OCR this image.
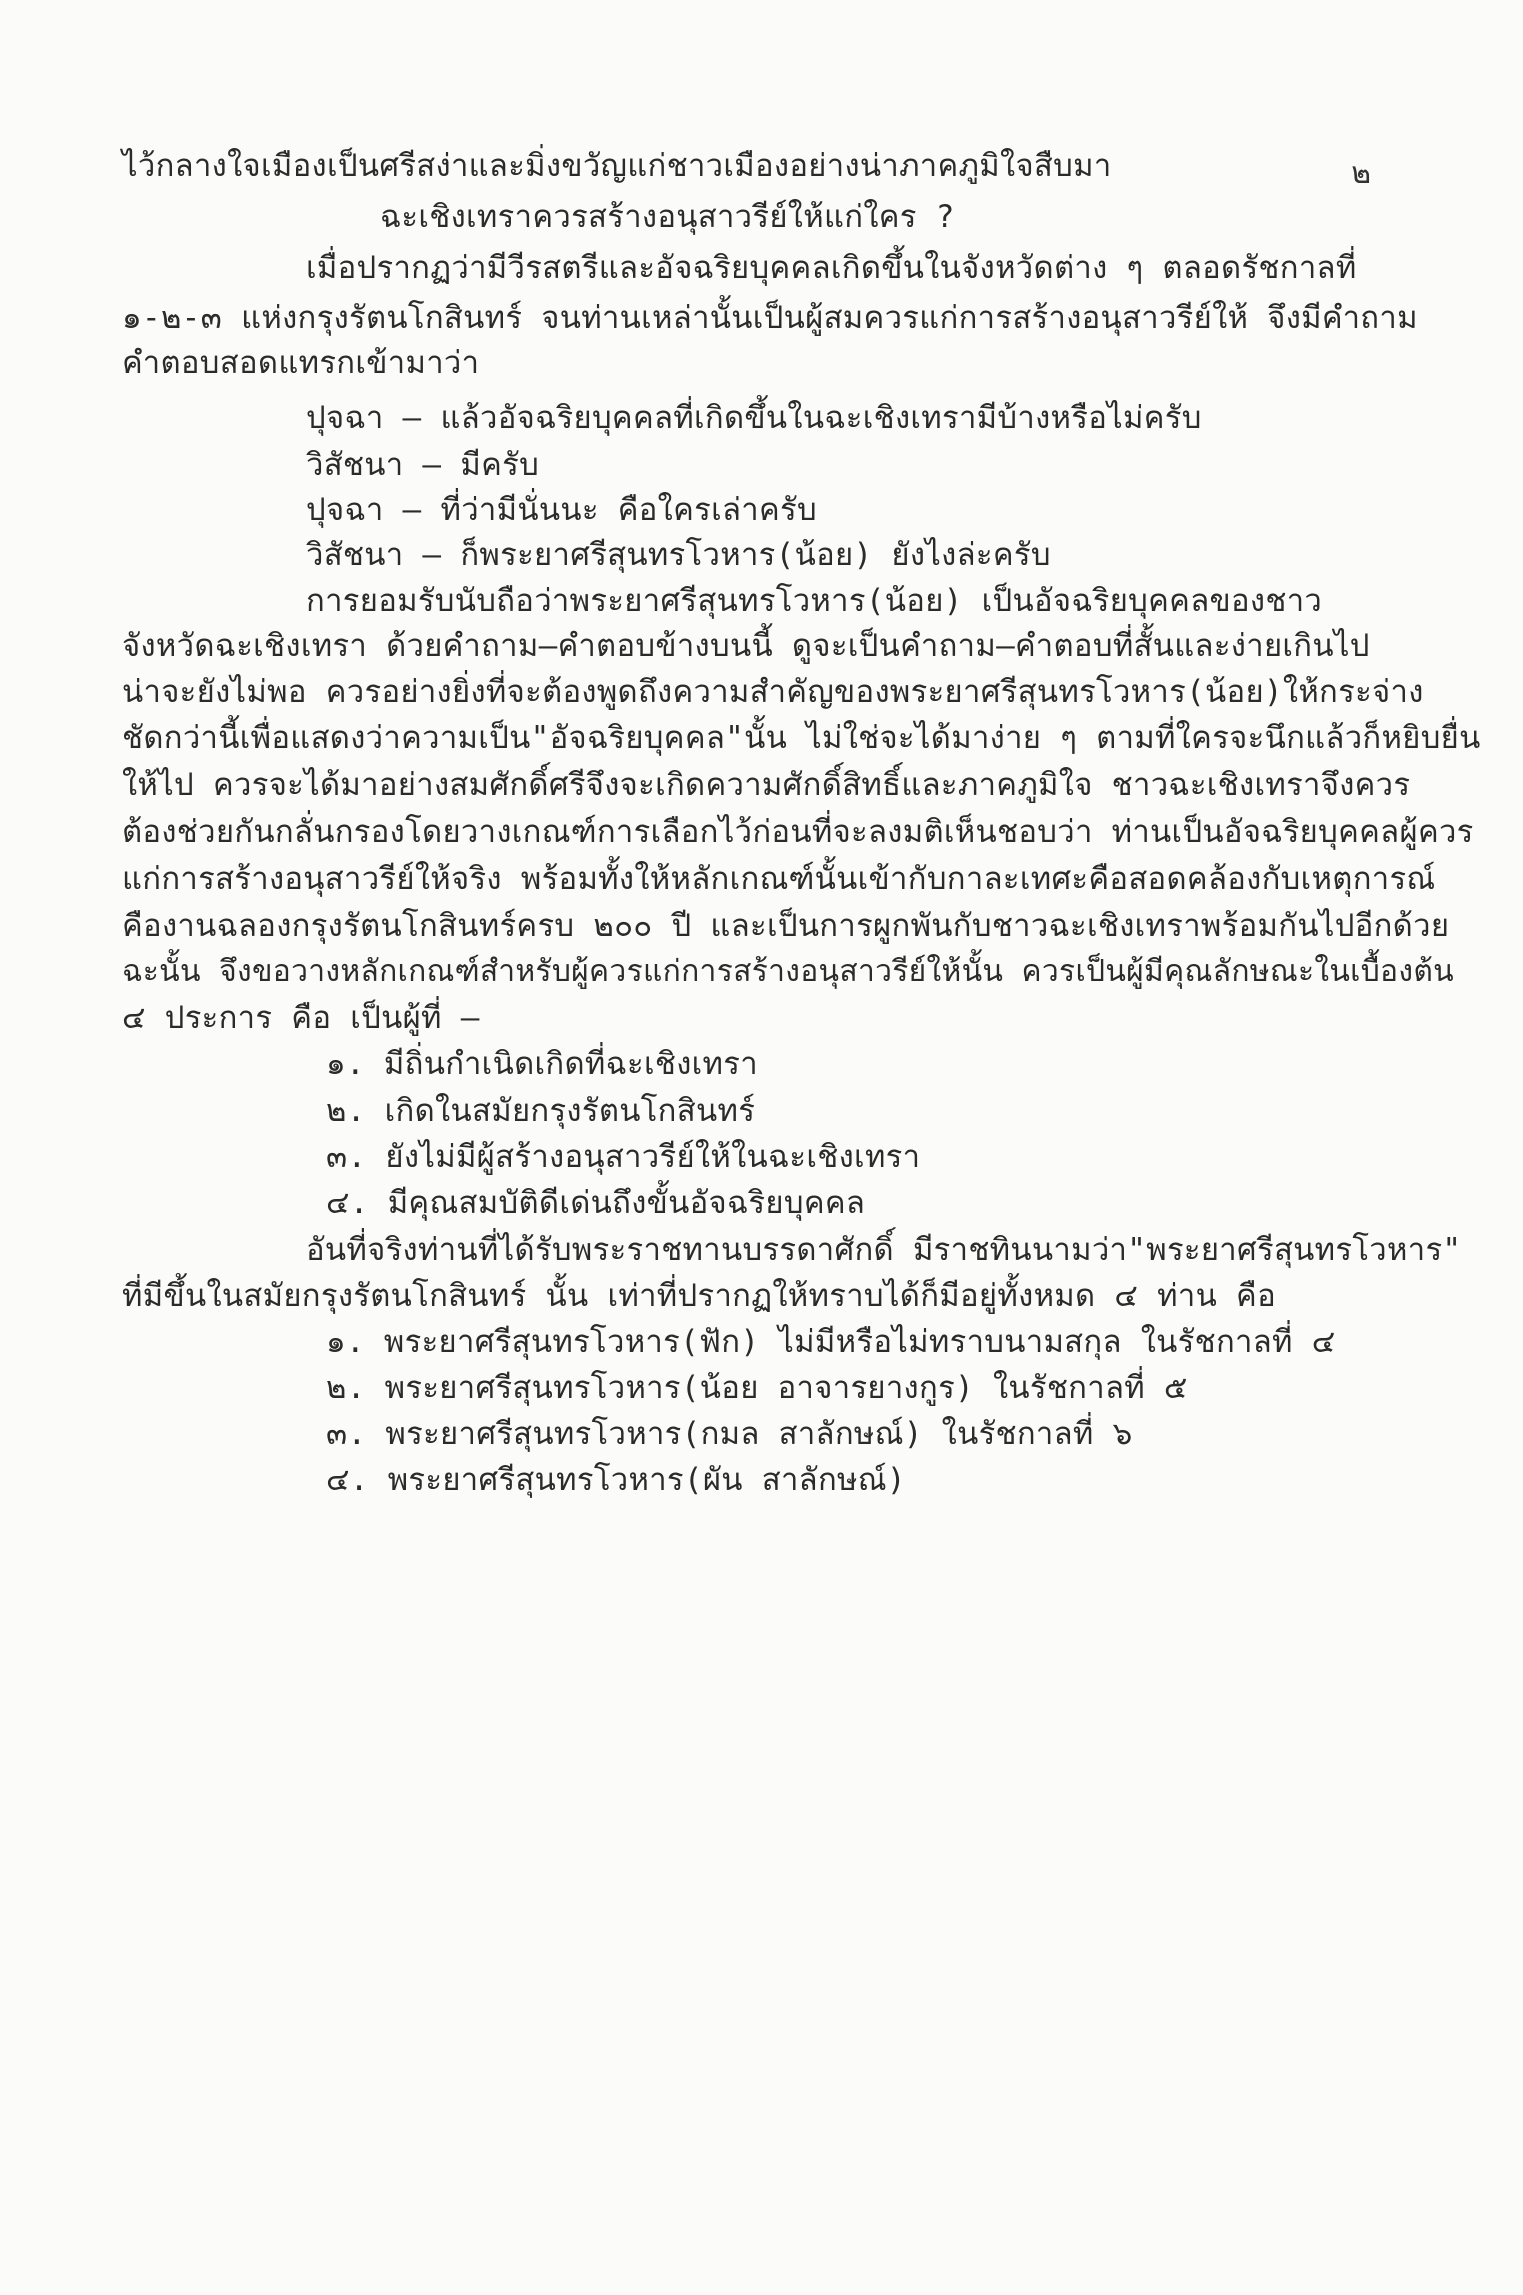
๒
ไว้กลางใจเมืองเป็นศรีสง่าและมิ่งขวัญแก่ชาวเมืองอย่างน่าภาคภูมิใจสืบมา
ฉะเชิงเทราควรสร้างอนุสาวรีย์ให้แก่ใคร ?
เมื่อปรากฏว่ามีวีรสตรีและอัจฉริยบุคคลเกิดขึ้นในจังหวัดต่าง ๆ ตลอดรัชกาลที่
๑-๒-๓ แห่งกรุงรัตนโกสินทร์ จนท่านเหล่านั้นเป็นผู้สมควรแก่การสร้างอนุสาวรีย์ให้ จึงมีคำถาม
คำตอบสอดแทรกเข้ามาว่า
ปุจฉา – แล้วอัจฉริยบุคคลที่เกิดขึ้นในฉะเชิงเทรามีบ้างหรือไม่ครับ
วิสัชนา – มีครับ
ปุจฉา – ที่ว่ามีนั่นนะ คือใครเล่าครับ
วิสัชนา – ก็พระยาศรีสุนทรโวหาร(น้อย) ยังไงล่ะครับ
การยอมรับนับถือว่าพระยาศรีสุนทรโวหาร(น้อย) เป็นอัจฉริยบุคคลของชาว
จังหวัดฉะเชิงเทรา ด้วยคำถาม–คำตอบข้างบนนี้ ดูจะเป็นคำถาม–คำตอบที่สั้นและง่ายเกินไป
น่าจะยังไม่พอ ควรอย่างยิ่งที่จะต้องพูดถึงความสำคัญของพระยาศรีสุนทรโวหาร(น้อย)ให้กระจ่าง
ชัดกว่านี้เพื่อแสดงว่าความเป็น"อัจฉริยบุคคล"นั้น ไม่ใช่จะได้มาง่าย ๆ ตามที่ใครจะนึกแล้วก็หยิบยื่น
ให้ไป ควรจะได้มาอย่างสมศักดิ์ศรีจึงจะเกิดความศักดิ์สิทธิ์และภาคภูมิใจ ชาวฉะเชิงเทราจึงควร
ต้องช่วยกันกลั่นกรองโดยวางเกณฑ์การเลือกไว้ก่อนที่จะลงมติเห็นชอบว่า ท่านเป็นอัจฉริยบุคคลผู้ควร
แก่การสร้างอนุสาวรีย์ให้จริง พร้อมทั้งให้หลักเกณฑ์นั้นเข้ากับกาละเทศะคือสอดคล้องกับเหตุการณ์
คืองานฉลองกรุงรัตนโกสินทร์ครบ ๒๐๐ ปี และเป็นการผูกพันกับชาวฉะเชิงเทราพร้อมกันไปอีกด้วย
ฉะนั้น จึงขอวางหลักเกณฑ์สำหรับผู้ควรแก่การสร้างอนุสาวรีย์ให้นั้น ควรเป็นผู้มีคุณลักษณะในเบื้องต้น
๔ ประการ คือ เป็นผู้ที่ –
๑. มีถิ่นกำเนิดเกิดที่ฉะเชิงเทรา
๒. เกิดในสมัยกรุงรัตนโกสินทร์
๓. ยังไม่มีผู้สร้างอนุสาวรีย์ให้ในฉะเชิงเทรา
๔. มีคุณสมบัติดีเด่นถึงขั้นอัจฉริยบุคคล
อันที่จริงท่านที่ได้รับพระราชทานบรรดาศักดิ์ มีราชทินนามว่า"พระยาศรีสุนทรโวหาร"
ที่มีขึ้นในสมัยกรุงรัตนโกสินทร์ นั้น เท่าที่ปรากฏให้ทราบได้ก็มีอยู่ทั้งหมด ๔ ท่าน คือ
๑. พระยาศรีสุนทรโวหาร(ฟัก) ไม่มีหรือไม่ทราบนามสกุล ในรัชกาลที่ ๔
๒. พระยาศรีสุนทรโวหาร(น้อย อาจารยางกูร) ในรัชกาลที่ ๕
๓. พระยาศรีสุนทรโวหาร(กมล สาลักษณ์) ในรัชกาลที่ ๖
๔. พระยาศรีสุนทรโวหาร(ผัน สาลักษณ์)
